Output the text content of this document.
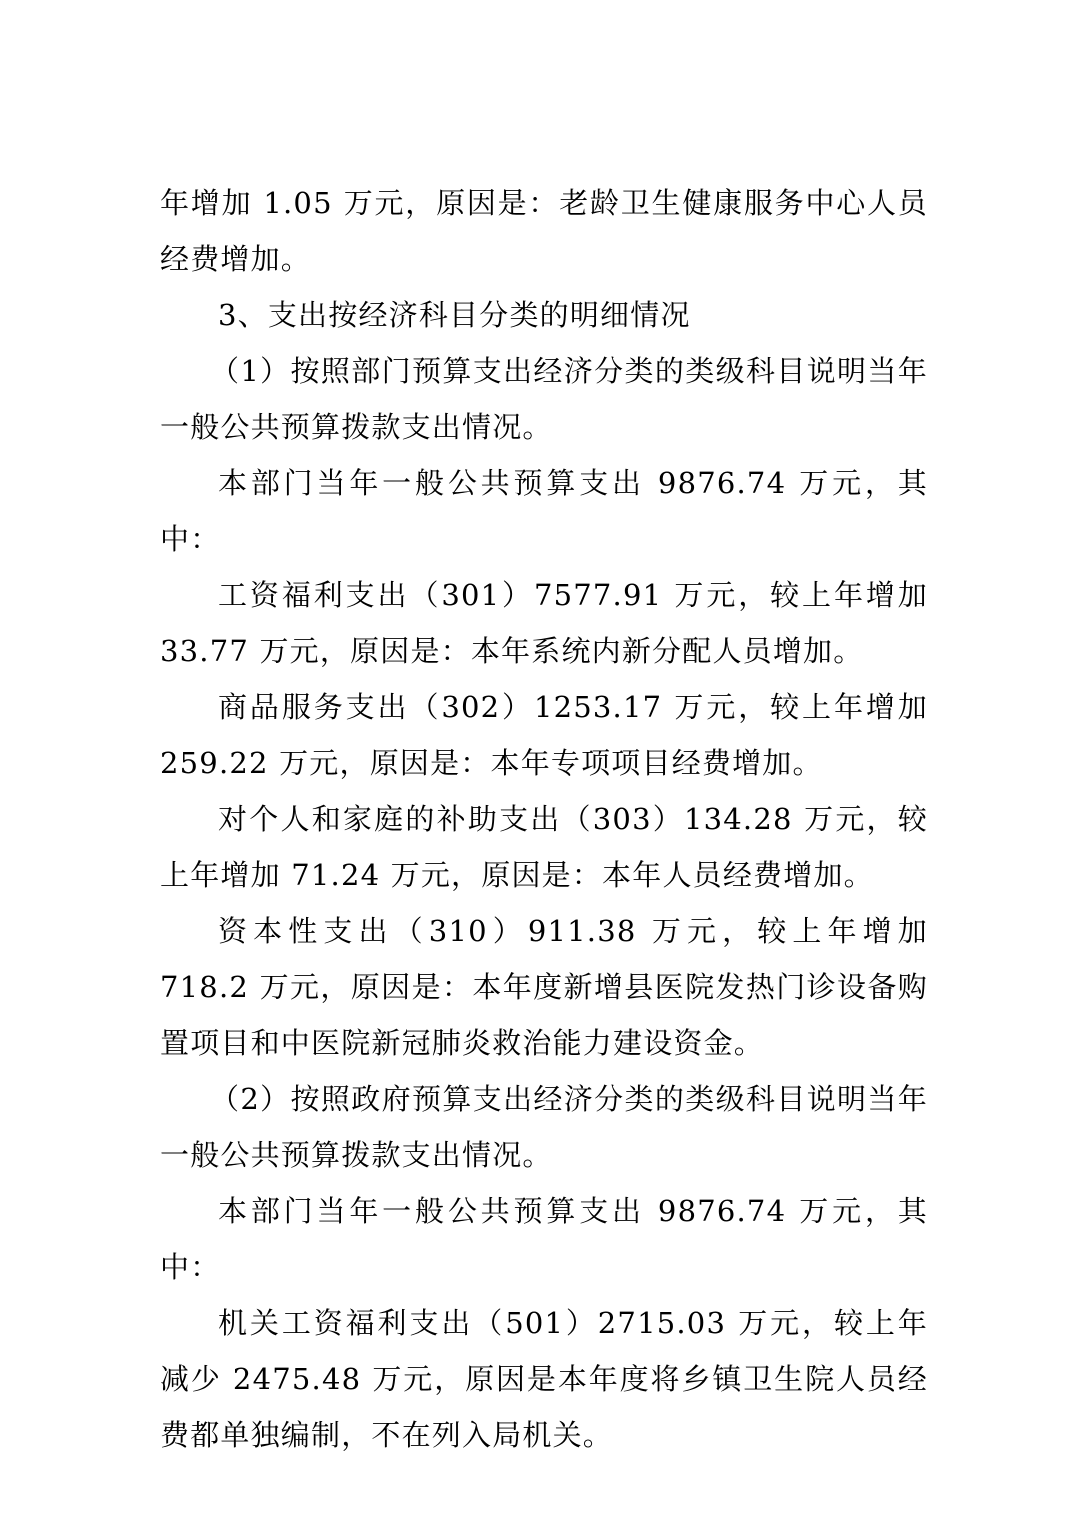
年增加 1.05 万元，原因是：老龄卫生健康服务中心人员经费增加。

3、支出按经济科目分类的明细情况

（1）按照部门预算支出经济分类的类级科目说明当年一般公共预算拨款支出情况。

本部门当年一般公共预算支出 9876.74 万元，其中：

工资福利支出（301）7577.91 万元，较上年增加 33.77 万元，原因是：本年系统内新分配人员增加。

商品服务支出（302）1253.17 万元，较上年增加 259.22 万元，原因是：本年专项项目经费增加。

对个人和家庭的补助支出（303）134.28 万元，较上年增加 71.24 万元，原因是：本年人员经费增加。

资本性支出（310）911.38 万元，较上年增加 718.2 万元，原因是：本年度新增县医院发热门诊设备购置项目和中医院新冠肺炎救治能力建设资金。

（2）按照政府预算支出经济分类的类级科目说明当年一般公共预算拨款支出情况。

本部门当年一般公共预算支出 9876.74 万元，其中：

机关工资福利支出（501）2715.03 万元，较上年减少 2475.48 万元，原因是本年度将乡镇卫生院人员经费都单独编制，不在列入局机关。
